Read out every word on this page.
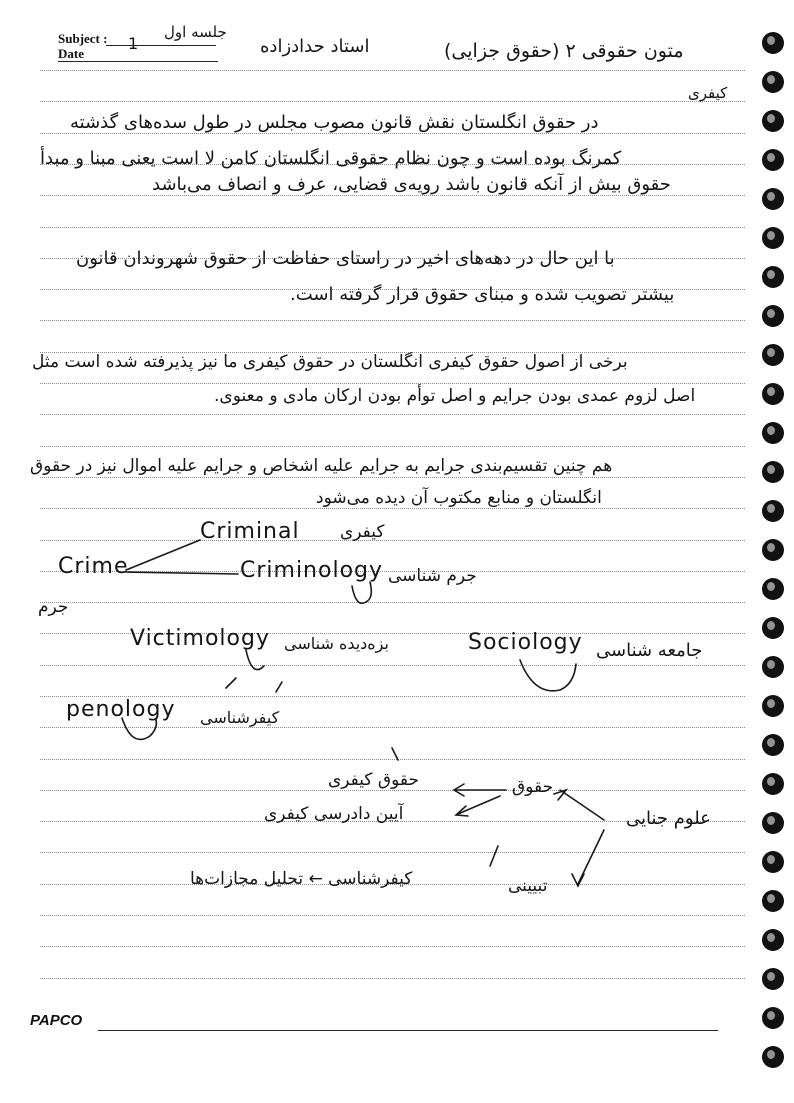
Subject :
Date
جلسه اول
1	استاد حدادزاده	متون حقوقی ۲ (حقوق جزایی)
کیفری
در حقوق انگلستان نقش قانون مصوب مجلس در طول سده‌های گذشته
کمرنگ بوده است و چون نظام حقوقی انگلستان کامن لا است یعنی مبنا و مبدأ
حقوق بیش از آنکه قانون باشد رویه‌ی قضایی، عرف و انصاف می‌باشد
با این حال در دهه‌های اخیر در راستای حفاظت از حقوق شهروندان قانون
بیشتر تصویب شده و مبنای حقوق قرار گرفته است.
برخی از اصول حقوق کیفری انگلستان در حقوق کیفری ما نیز پذیرفته شده است مثل
اصل لزوم عمدی بودن جرایم و اصل توأم بودن ارکان مادی و معنوی.
هم چنین تقسیم‌بندی جرایم به جرایم علیه اشخاص و جرایم علیه اموال نیز در حقوق
انگلستان و منابع مکتوب آن دیده می‌شود
Criminal کیفری
Crime	Criminology جرم شناسی
جرم
Victimology بزه‌دیده شناسی	Sociology جامعه شناسی
penology کیفرشناسی
حقوق کیفری	حقوق
آیین دادرسی کیفری	علوم جنایی
تبیینی
کیفرشناسی ← تحلیل مجازات‌ها
PAPCO
